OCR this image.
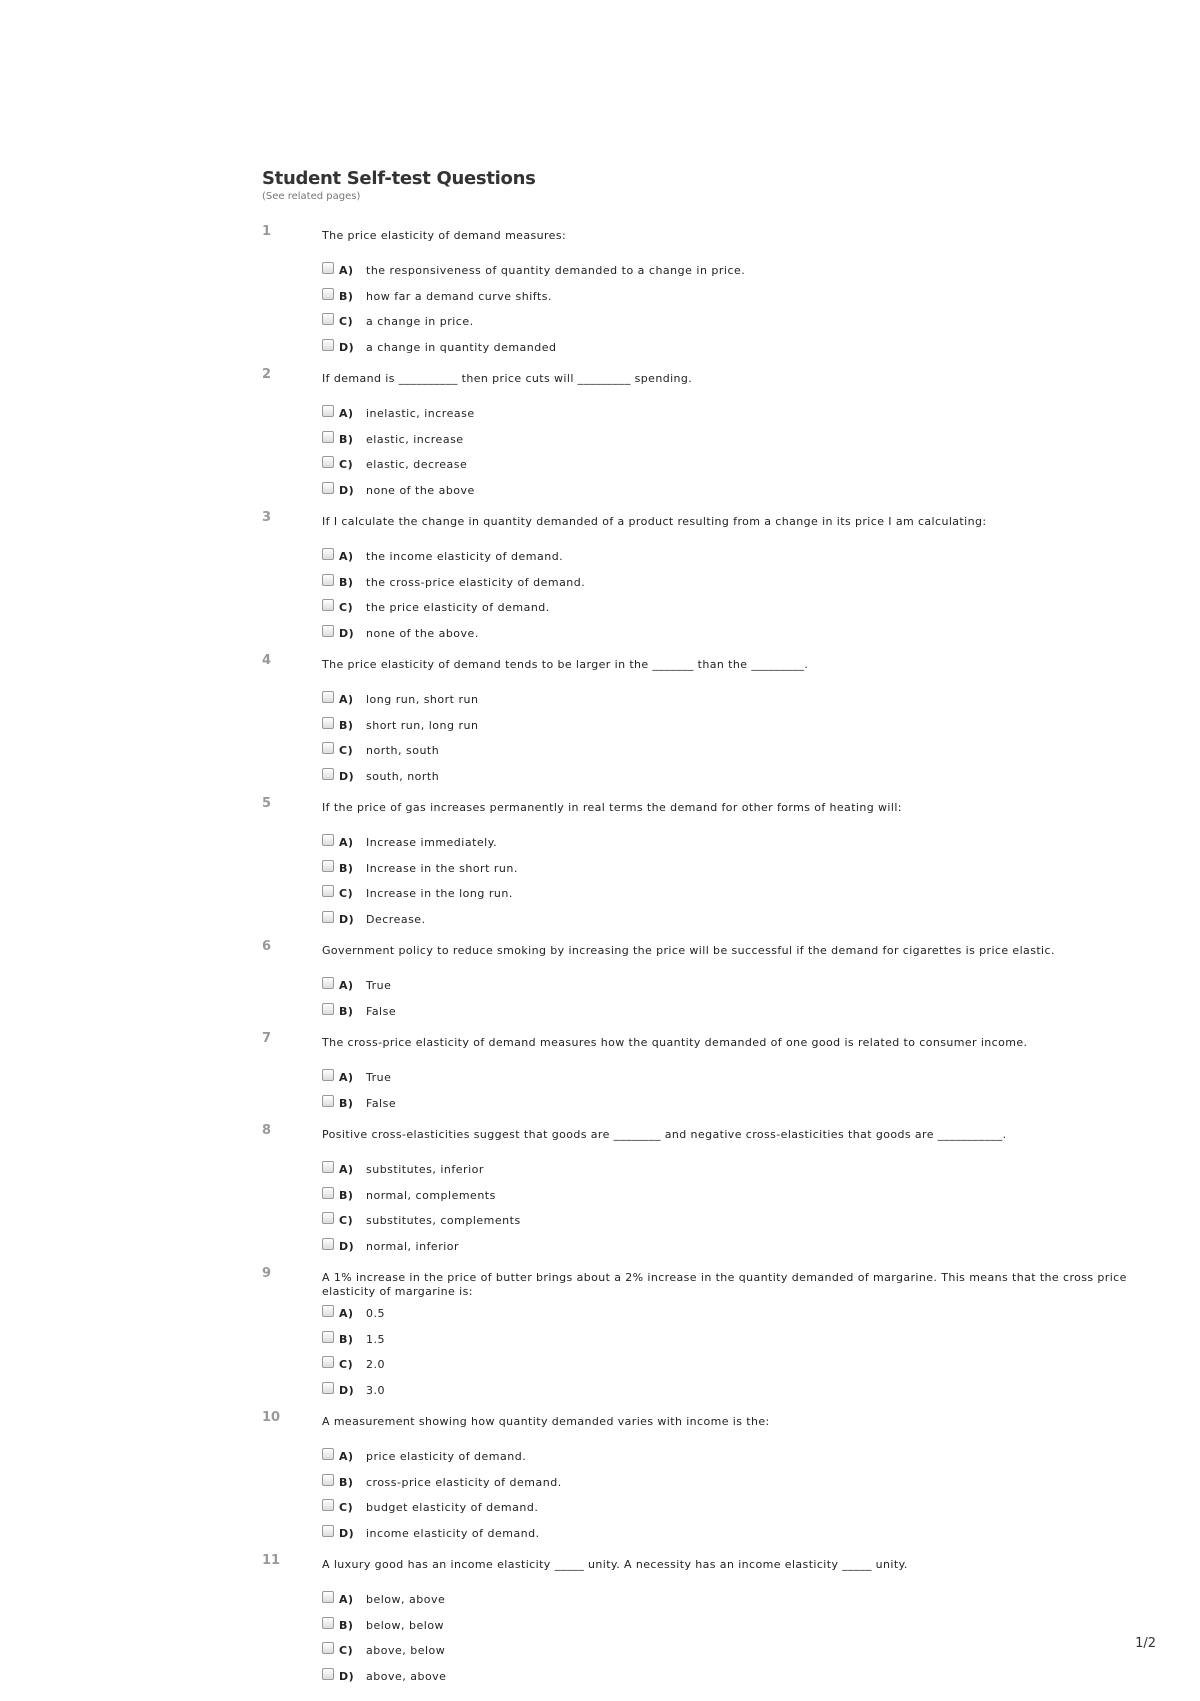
Student Self-test Questions
(See related pages)
1	The price elasticity of demand measures:
A)	the responsiveness of quantity demanded to a change in price.
B)	how far a demand curve shifts.
C)	a change in price.
D)	a change in quantity demanded
2	If demand is __________ then price cuts will _________ spending.
A)	inelastic, increase
B)	elastic, increase
C)	elastic, decrease
D)	none of the above
3	If I calculate the change in quantity demanded of a product resulting from a change in its price I am calculating:
A)	the income elasticity of demand.
B)	the cross-price elasticity of demand.
C)	the price elasticity of demand.
D)	none of the above.
4	The price elasticity of demand tends to be larger in the _______ than the _________.
A)	long run, short run
B)	short run, long run
C)	north, south
D)	south, north
5	If the price of gas increases permanently in real terms the demand for other forms of heating will:
A)	Increase immediately.
B)	Increase in the short run.
C)	Increase in the long run.
D)	Decrease.
6	Government policy to reduce smoking by increasing the price will be successful if the demand for cigarettes is price elastic.
A)	True
B)	False
7	The cross-price elasticity of demand measures how the quantity demanded of one good is related to consumer income.
A)	True
B)	False
8	Positive cross-elasticities suggest that goods are ________ and negative cross-elasticities that goods are ___________.
A)	substitutes, inferior
B)	normal, complements
C)	substitutes, complements
D)	normal, inferior
9	A 1% increase in the price of butter brings about a 2% increase in the quantity demanded of margarine. This means that the cross price elasticity of margarine is:
A)	0.5
B)	1.5
C)	2.0
D)	3.0
10	A measurement showing how quantity demanded varies with income is the:
A)	price elasticity of demand.
B)	cross-price elasticity of demand.
C)	budget elasticity of demand.
D)	income elasticity of demand.
11	A luxury good has an income elasticity _____ unity. A necessity has an income elasticity _____ unity.
A)	below, above
B)	below, below
C)	above, below
D)	above, above
1/2
